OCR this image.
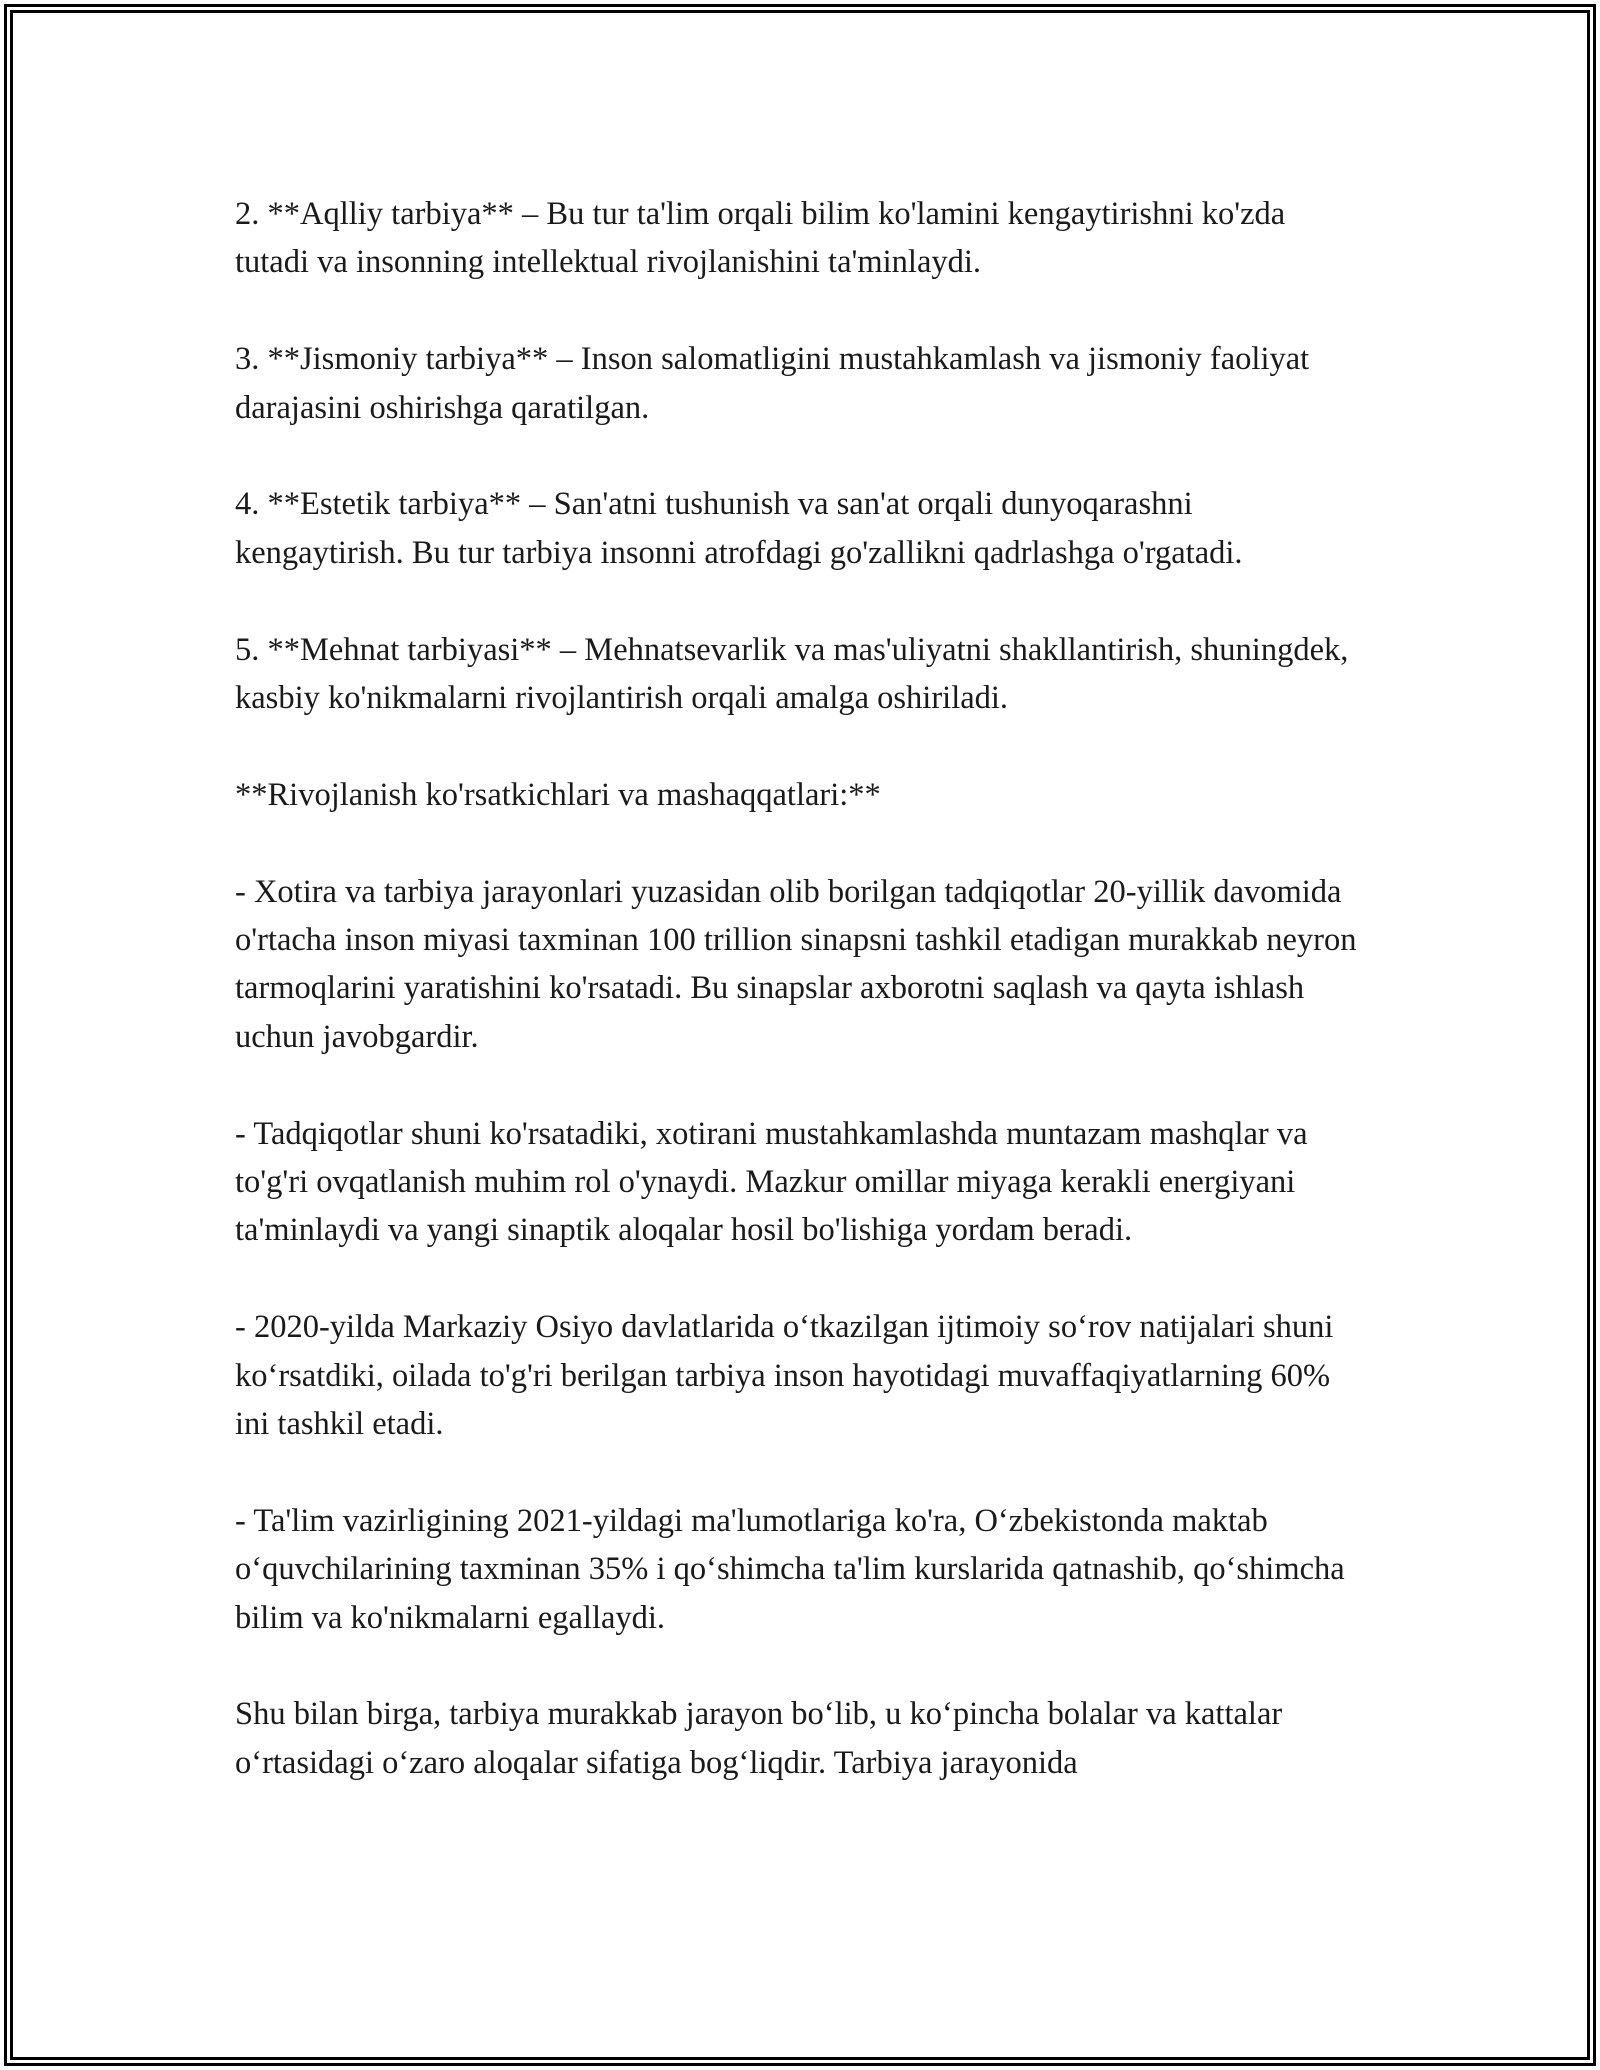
2. **Aqlliy tarbiya** – Bu tur ta'lim orqali bilim ko'lamini kengaytirishni ko'zda tutadi va insonning intellektual rivojlanishini ta'minlaydi.

3. **Jismoniy tarbiya** – Inson salomatligini mustahkamlash va jismoniy faoliyat darajasini oshirishga qaratilgan.

4. **Estetik tarbiya** – San'atni tushunish va san'at orqali dunyoqarashni kengaytirish. Bu tur tarbiya insonni atrofdagi go'zallikni qadrlashga o'rgatadi.

5. **Mehnat tarbiyasi** – Mehnatsevarlik va mas'uliyatni shakllantirish, shuningdek, kasbiy ko'nikmalarni rivojlantirish orqali amalga oshiriladi.

**Rivojlanish ko'rsatkichlari va mashaqqatlari:**

- Xotira va tarbiya jarayonlari yuzasidan olib borilgan tadqiqotlar 20-yillik davomida o'rtacha inson miyasi taxminan 100 trillion sinapsni tashkil etadigan murakkab neyron tarmoqlarini yaratishini ko'rsatadi. Bu sinapslar axborotni saqlash va qayta ishlash uchun javobgardir.

- Tadqiqotlar shuni ko'rsatadiki, xotirani mustahkamlashda muntazam mashqlar va to'g'ri ovqatlanish muhim rol o'ynaydi. Mazkur omillar miyaga kerakli energiyani ta'minlaydi va yangi sinaptik aloqalar hosil bo'lishiga yordam beradi.

- 2020-yilda Markaziy Osiyo davlatlarida o‘tkazilgan ijtimoiy so‘rov natijalari shuni ko‘rsatdiki, oilada to'g'ri berilgan tarbiya inson hayotidagi muvaffaqiyatlarning 60% ini tashkil etadi.

- Ta'lim vazirligining 2021-yildagi ma'lumotlariga ko'ra, O‘zbekistonda maktab o‘quvchilarining taxminan 35% i qo‘shimcha ta'lim kurslarida qatnashib, qo‘shimcha bilim va ko'nikmalarni egallaydi.

Shu bilan birga, tarbiya murakkab jarayon bo‘lib, u ko‘pincha bolalar va kattalar o‘rtasidagi o‘zaro aloqalar sifatiga bog‘liqdir. Tarbiya jarayonida
